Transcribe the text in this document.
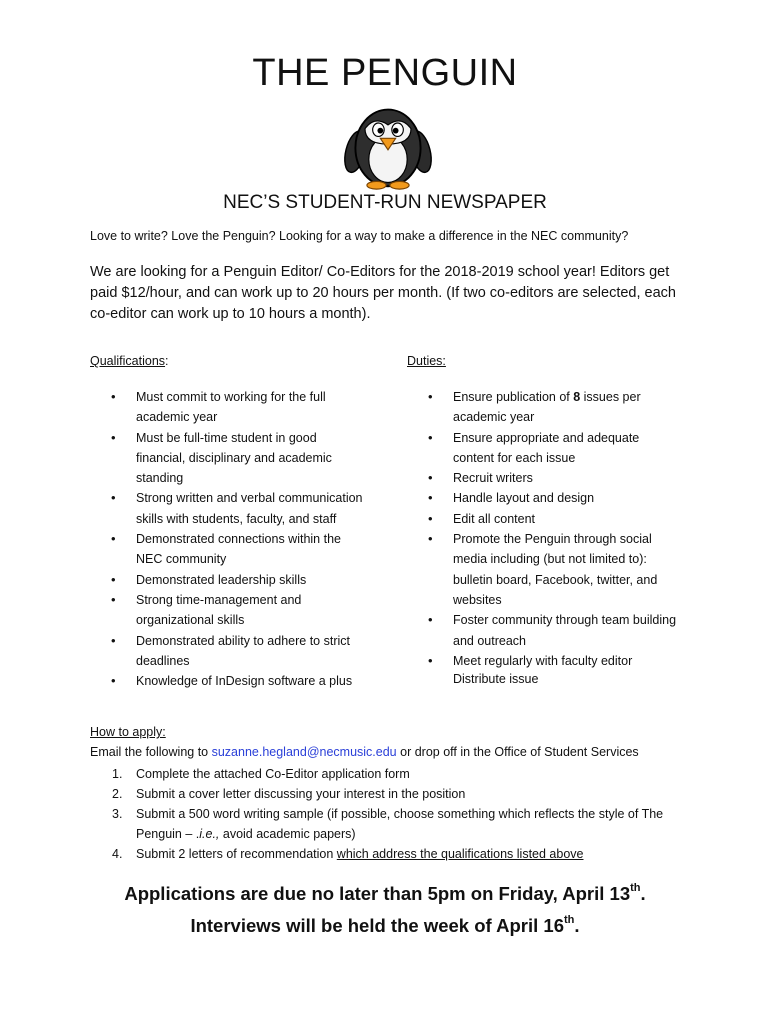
THE PENGUIN
NEC’S STUDENT-RUN NEWSPAPER
Love to write? Love the Penguin? Looking for a way to make a difference in the NEC community?
We are looking for a Penguin Editor/ Co-Editors for the 2018-2019 school year! Editors get paid $12/hour, and can work up to 20 hours per month. (If two co-editors are selected, each co-editor can work up to 10 hours a month).
Qualifications:	Duties:
• Must commit to working for the full academic year
• Must be full-time student in good financial, disciplinary and academic standing
• Strong written and verbal communication skills with students, faculty, and staff
• Demonstrated connections within the NEC community
• Demonstrated leadership skills
• Strong time-management and organizational skills
• Demonstrated ability to adhere to strict deadlines
• Knowledge of InDesign software a plus
• Ensure publication of 8 issues per academic year
• Ensure appropriate and adequate content for each issue
• Recruit writers
• Handle layout and design
• Edit all content
• Promote the Penguin through social media including (but not limited to): bulletin board, Facebook, twitter, and websites
• Foster community through team building and outreach
• Meet regularly with faculty editor
Distribute issue
How to apply:
Email the following to suzanne.hegland@necmusic.edu or drop off in the Office of Student Services
1. Complete the attached Co-Editor application form
2. Submit a cover letter discussing your interest in the position
3. Submit a 500 word writing sample (if possible, choose something which reflects the style of The Penguin – .i.e., avoid academic papers)
4. Submit 2 letters of recommendation which address the qualifications listed above
Applications are due no later than 5pm on Friday, April 13th.
Interviews will be held the week of April 16th.
